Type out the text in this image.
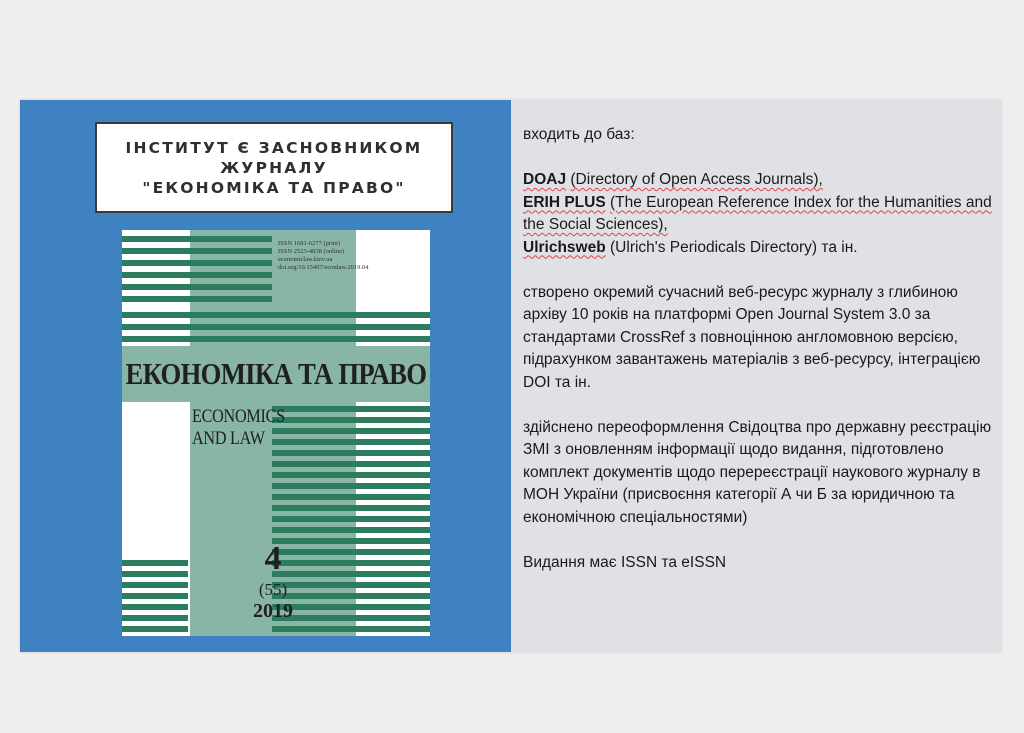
ІНСТИТУТ Є ЗАСНОВНИКОМ
ЖУРНАЛУ
"ЕКОНОМІКА ТА ПРАВО"
ISSN 1681-6277 (print)
ISSN 2523-4838 (online)
economiclaw.kiev.ua
doi.org/10.15407/econlaw.2019.04
ЕКОНОМІКА ТА ПРАВО
ECONOMICS
AND LAW
4
(55)
2019

входить до баз:

DOAJ (Directory of Open Access Journals),
ERIH PLUS (The European Reference Index for the Humanities and the Social Sciences),
Ulrichsweb (Ulrich's Periodicals Directory) та ін.

створено окремий сучасний веб-ресурс журналу з глибиною архіву 10 років на платформі Open Journal System 3.0 за стандартами CrossRef з повноцінною англомовною версією, підрахунком завантажень матеріалів з веб-ресурсу, інтеграцією DOI та ін.

здійснено переоформлення Свідоцтва про державну реєстрацію ЗМІ з оновленням інформації щодо видання, підготовлено комплект документів щодо перереєстрації наукового журналу в МОН України (присвоєння категорії А чи Б за юридичною та економічною спеціальностями)

Видання має ISSN та eISSN
